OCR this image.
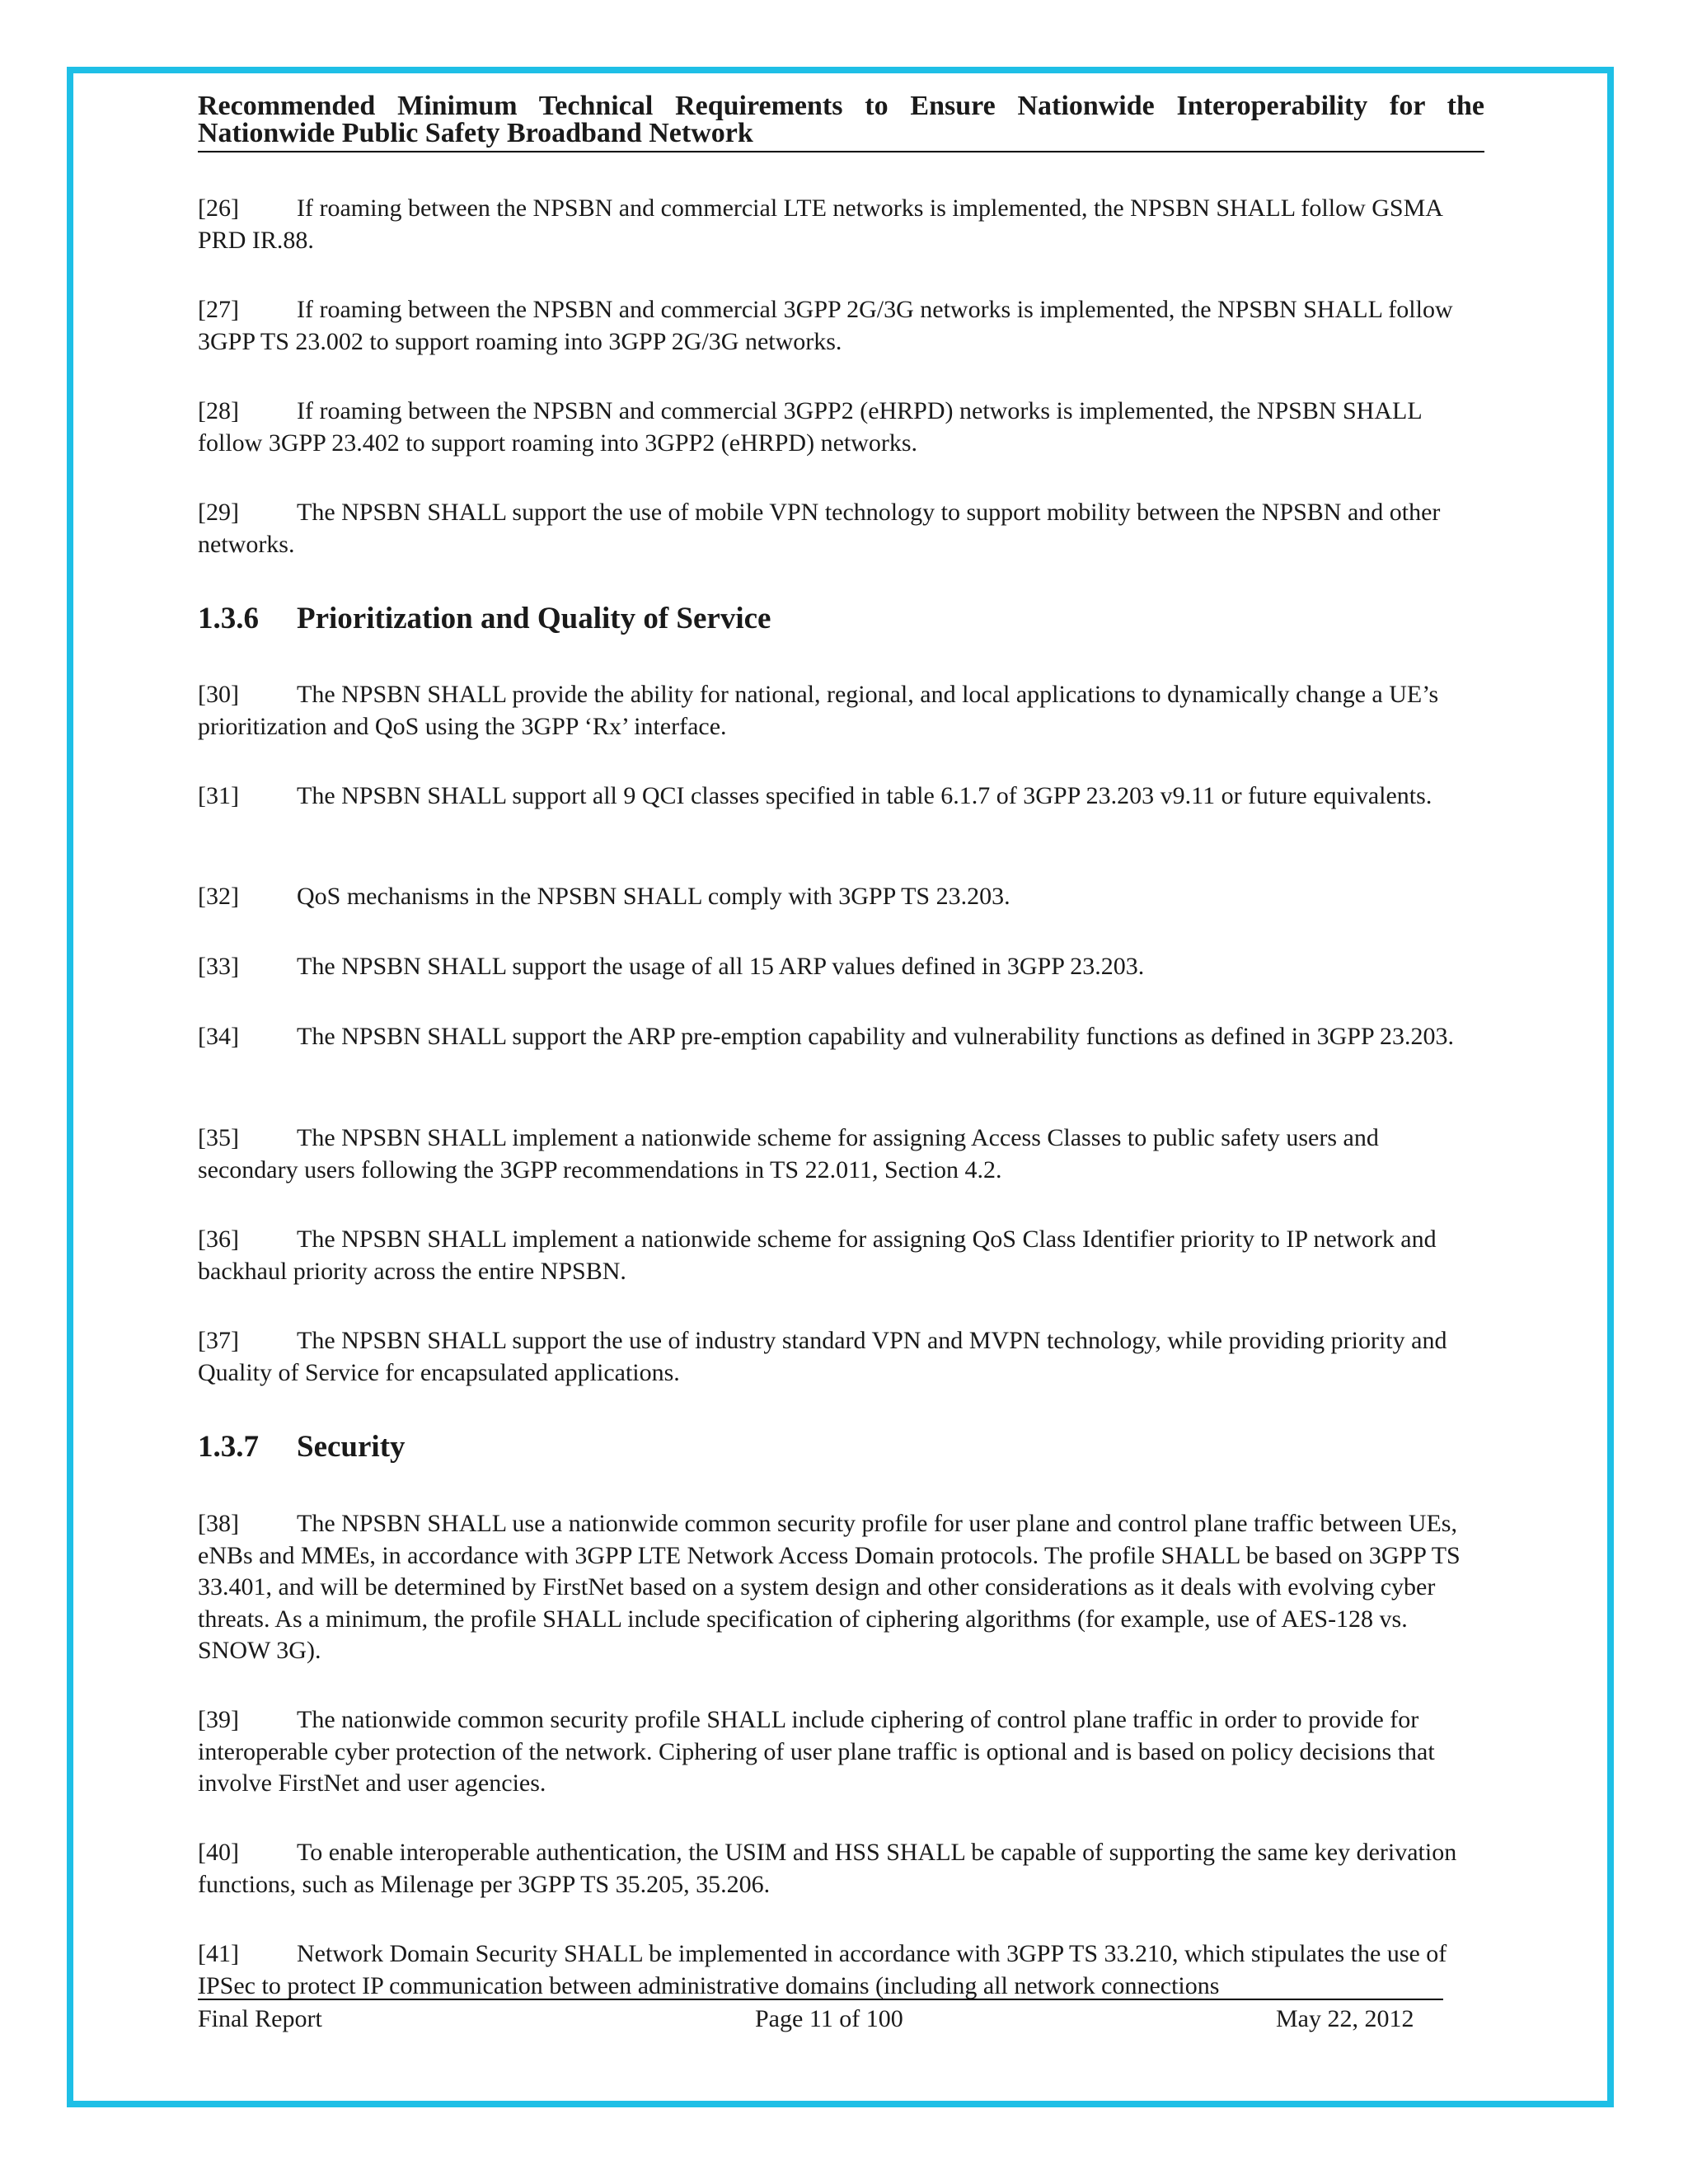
Recommended Minimum Technical Requirements to Ensure Nationwide Interoperability for the Nationwide Public Safety Broadband Network

[26] If roaming between the NPSBN and commercial LTE networks is implemented, the NPSBN SHALL follow GSMA PRD IR.88.

[27] If roaming between the NPSBN and commercial 3GPP 2G/3G networks is implemented, the NPSBN SHALL follow 3GPP TS 23.002 to support roaming into 3GPP 2G/3G networks.

[28] If roaming between the NPSBN and commercial 3GPP2 (eHRPD) networks is implemented, the NPSBN SHALL follow 3GPP 23.402 to support roaming into 3GPP2 (eHRPD) networks.

[29] The NPSBN SHALL support the use of mobile VPN technology to support mobility between the NPSBN and other networks.

1.3.6 Prioritization and Quality of Service

[30] The NPSBN SHALL provide the ability for national, regional, and local applications to dynamically change a UE’s prioritization and QoS using the 3GPP ‘Rx’ interface.

[31] The NPSBN SHALL support all 9 QCI classes specified in table 6.1.7 of 3GPP 23.203 v9.11 or future equivalents.

[32] QoS mechanisms in the NPSBN SHALL comply with 3GPP TS 23.203.

[33] The NPSBN SHALL support the usage of all 15 ARP values defined in 3GPP 23.203.

[34] The NPSBN SHALL support the ARP pre-emption capability and vulnerability functions as defined in 3GPP 23.203.

[35] The NPSBN SHALL implement a nationwide scheme for assigning Access Classes to public safety users and secondary users following the 3GPP recommendations in TS 22.011, Section 4.2.

[36] The NPSBN SHALL implement a nationwide scheme for assigning QoS Class Identifier priority to IP network and backhaul priority across the entire NPSBN.

[37] The NPSBN SHALL support the use of industry standard VPN and MVPN technology, while providing priority and Quality of Service for encapsulated applications.

1.3.7 Security

[38] The NPSBN SHALL use a nationwide common security profile for user plane and control plane traffic between UEs, eNBs and MMEs, in accordance with 3GPP LTE Network Access Domain protocols. The profile SHALL be based on 3GPP TS 33.401, and will be determined by FirstNet based on a system design and other considerations as it deals with evolving cyber threats. As a minimum, the profile SHALL include specification of ciphering algorithms (for example, use of AES-128 vs. SNOW 3G).

[39] The nationwide common security profile SHALL include ciphering of control plane traffic in order to provide for interoperable cyber protection of the network. Ciphering of user plane traffic is optional and is based on policy decisions that involve FirstNet and user agencies.

[40] To enable interoperable authentication, the USIM and HSS SHALL be capable of supporting the same key derivation functions, such as Milenage per 3GPP TS 35.205, 35.206.

[41] Network Domain Security SHALL be implemented in accordance with 3GPP TS 33.210, which stipulates the use of IPSec to protect IP communication between administrative domains (including all network connections

Final Report	Page 11 of 100	May 22, 2012
